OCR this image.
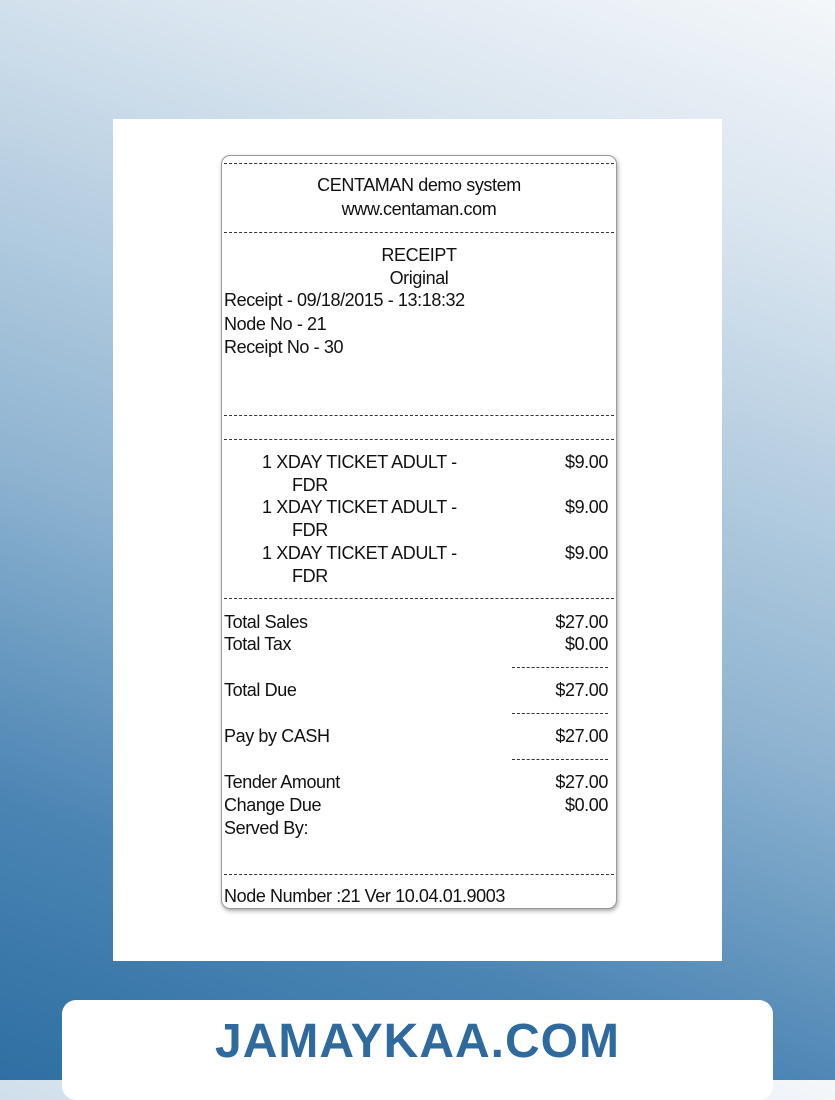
CENTAMAN demo system
www.centaman.com
RECEIPT
Original
Receipt - 09/18/2015 - 13:18:32
Node No - 21
Receipt No - 30
1 XDAY TICKET ADULT -	$9.00
FDR
1 XDAY TICKET ADULT -	$9.00
FDR
1 XDAY TICKET ADULT -	$9.00
FDR
Total Sales	$27.00
Total Tax	$0.00
Total Due	$27.00
Pay by CASH	$27.00
Tender Amount	$27.00
Change Due	$0.00
Served By:
Node Number :21 Ver 10.04.01.9003
JAMAYKAA.COM
